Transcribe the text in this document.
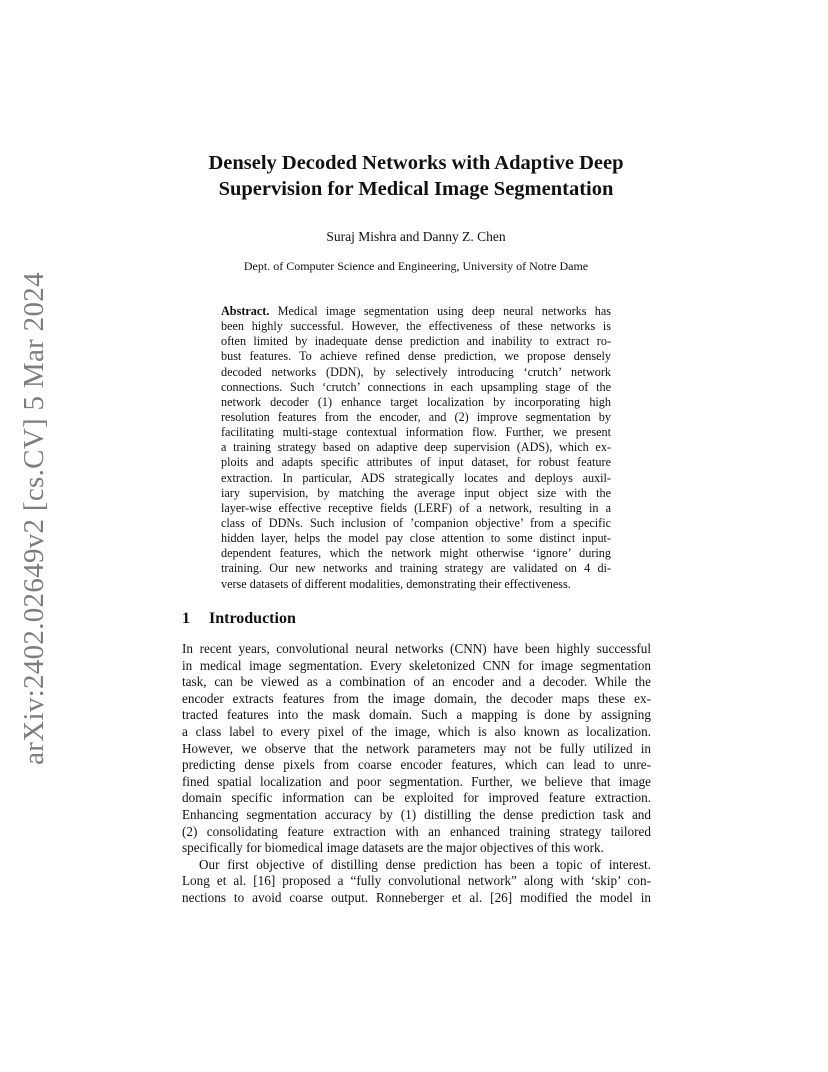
arXiv:2402.02649v2 [cs.CV] 5 Mar 2024
Densely Decoded Networks with Adaptive Deep
Supervision for Medical Image Segmentation
Suraj Mishra and Danny Z. Chen
Dept. of Computer Science and Engineering, University of Notre Dame
Abstract. Medical image segmentation using deep neural networks has
been highly successful. However, the effectiveness of these networks is
often limited by inadequate dense prediction and inability to extract ro-
bust features. To achieve refined dense prediction, we propose densely
decoded networks (DDN), by selectively introducing ‘crutch’ network
connections. Such ‘crutch’ connections in each upsampling stage of the
network decoder (1) enhance target localization by incorporating high
resolution features from the encoder, and (2) improve segmentation by
facilitating multi-stage contextual information flow. Further, we present
a training strategy based on adaptive deep supervision (ADS), which ex-
ploits and adapts specific attributes of input dataset, for robust feature
extraction. In particular, ADS strategically locates and deploys auxil-
iary supervision, by matching the average input object size with the
layer-wise effective receptive fields (LERF) of a network, resulting in a
class of DDNs. Such inclusion of ’companion objective’ from a specific
hidden layer, helps the model pay close attention to some distinct input-
dependent features, which the network might otherwise ‘ignore’ during
training. Our new networks and training strategy are validated on 4 di-
verse datasets of different modalities, demonstrating their effectiveness.
1 Introduction
In recent years, convolutional neural networks (CNN) have been highly successful
in medical image segmentation. Every skeletonized CNN for image segmentation
task, can be viewed as a combination of an encoder and a decoder. While the
encoder extracts features from the image domain, the decoder maps these ex-
tracted features into the mask domain. Such a mapping is done by assigning
a class label to every pixel of the image, which is also known as localization.
However, we observe that the network parameters may not be fully utilized in
predicting dense pixels from coarse encoder features, which can lead to unre-
fined spatial localization and poor segmentation. Further, we believe that image
domain specific information can be exploited for improved feature extraction.
Enhancing segmentation accuracy by (1) distilling the dense prediction task and
(2) consolidating feature extraction with an enhanced training strategy tailored
specifically for biomedical image datasets are the major objectives of this work.
Our first objective of distilling dense prediction has been a topic of interest.
Long et al. [16] proposed a “fully convolutional network” along with ‘skip’ con-
nections to avoid coarse output. Ronneberger et al. [26] modified the model in
